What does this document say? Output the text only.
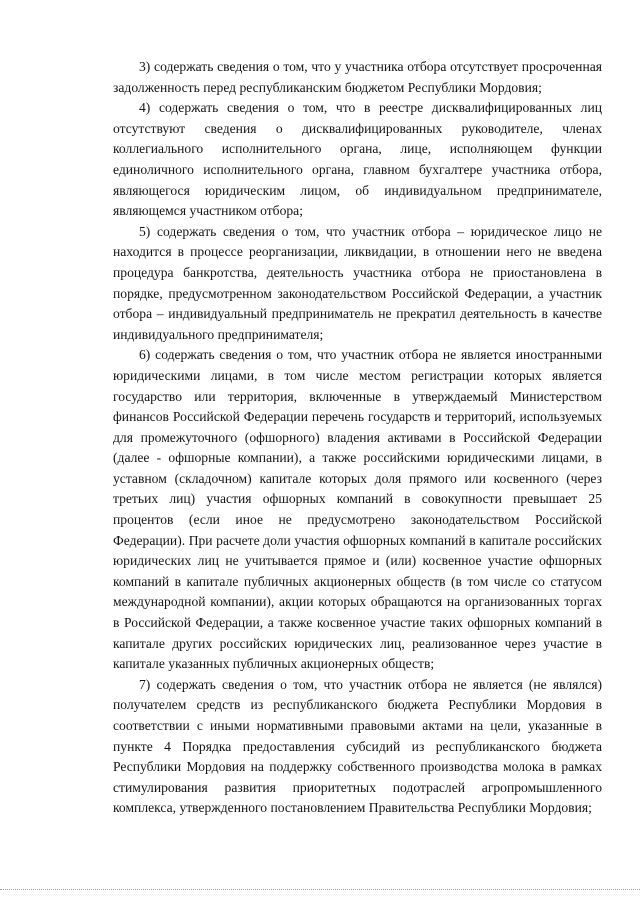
3) содержать сведения о том, что у участника отбора отсутствует просроченная задолженность перед республиканским бюджетом Республики Мордовия;

4) содержать сведения о том, что в реестре дисквалифицированных лиц отсутствуют сведения о дисквалифицированных руководителе, членах коллегиального исполнительного органа, лице, исполняющем функции единоличного исполнительного органа, главном бухгалтере участника отбора, являющегося юридическим лицом, об индивидуальном предпринимателе, являющемся участником отбора;

5) содержать сведения о том, что участник отбора – юридическое лицо не находится в процессе реорганизации, ликвидации, в отношении него не введена процедура банкротства, деятельность участника отбора не приостановлена в порядке, предусмотренном законодательством Российской Федерации, а участник отбора – индивидуальный предприниматель не прекратил деятельность в качестве индивидуального предпринимателя;

6) содержать сведения о том, что участник отбора не является иностранными юридическими лицами, в том числе местом регистрации которых является государство или территория, включенные в утверждаемый Министерством финансов Российской Федерации перечень государств и территорий, используемых для промежуточного (офшорного) владения активами в Российской Федерации (далее - офшорные компании), а также российскими юридическими лицами, в уставном (складочном) капитале которых доля прямого или косвенного (через третьих лиц) участия офшорных компаний в совокупности превышает 25 процентов (если иное не предусмотрено законодательством Российской Федерации). При расчете доли участия офшорных компаний в капитале российских юридических лиц не учитывается прямое и (или) косвенное участие офшорных компаний в капитале публичных акционерных обществ (в том числе со статусом международной компании), акции которых обращаются на организованных торгах в Российской Федерации, а также косвенное участие таких офшорных компаний в капитале других российских юридических лиц, реализованное через участие в капитале указанных публичных акционерных обществ;

7) содержать сведения о том, что участник отбора не является (не являлся) получателем средств из республиканского бюджета Республики Мордовия в соответствии с иными нормативными правовыми актами на цели, указанные в пункте 4 Порядка предоставления субсидий из республиканского бюджета Республики Мордовия на поддержку собственного производства молока в рамках стимулирования развития приоритетных подотраслей агропромышленного комплекса, утвержденного постановлением Правительства Республики Мордовия;
